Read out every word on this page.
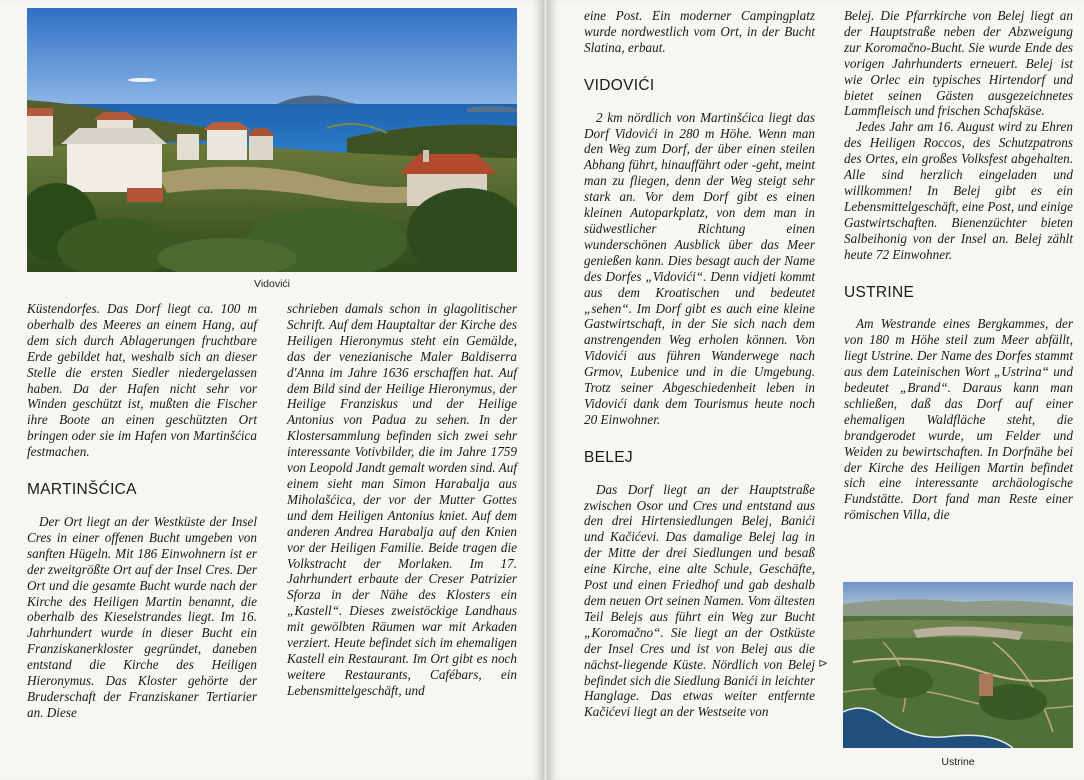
Vidovići

Küstendorfes. Das Dorf liegt ca. 100 m oberhalb des Meeres an einem Hang, auf dem sich durch Ablagerungen fruchtbare Erde gebildet hat, weshalb sich an dieser Stelle die ersten Siedler niedergelassen haben. Da der Hafen nicht sehr vor Winden geschützt ist, mußten die Fischer ihre Boote an einen geschützten Ort bringen oder sie im Hafen von Martinšćica festmachen.

MARTINŠĆICA

Der Ort liegt an der Westküste der Insel Cres in einer offenen Bucht umgeben von sanften Hügeln. Mit 186 Einwohnern ist er der zweitgrößte Ort auf der Insel Cres. Der Ort und die gesamte Bucht wurde nach der Kirche des Heiligen Martin benannt, die oberhalb des Kieselstrandes liegt. Im 16. Jahrhundert wurde in dieser Bucht ein Franziskanerkloster gegründet, daneben entstand die Kirche des Heiligen Hieronymus. Das Kloster gehörte der Bruderschaft der Franziskaner Tertiarier an. Diese

schrieben damals schon in glagolitischer Schrift. Auf dem Hauptaltar der Kirche des Heiligen Hieronymus steht ein Gemälde, das der venezianische Maler Baldiserra d'Anna im Jahre 1636 erschaffen hat. Auf dem Bild sind der Heilige Hieronymus, der Heilige Franziskus und der Heilige Antonius von Padua zu sehen. In der Klostersammlung befinden sich zwei sehr interessante Votivbilder, die im Jahre 1759 von Leopold Jandt gemalt worden sind. Auf einem sieht man Simon Harabalja aus Miholašćica, der vor der Mutter Gottes und dem Heiligen Antonius kniet. Auf dem anderen Andrea Harabalja auf den Knien vor der Heiligen Familie. Beide tragen die Volkstracht der Morlaken. Im 17. Jahrhundert erbaute der Creser Patrizier Sforza in der Nähe des Klosters ein „Kastell“. Dieses zweistöckige Landhaus mit gewölbten Räumen war mit Arkaden verziert. Heute befindet sich im ehemaligen Kastell ein Restaurant. Im Ort gibt es noch weitere Restaurants, Cafébars, ein Lebensmittelgeschäft, und

eine Post. Ein moderner Campingplatz wurde nordwestlich vom Ort, in der Bucht Slatina, erbaut.

VIDOVIĆI

2 km nördlich von Martinšćica liegt das Dorf Vidovići in 280 m Höhe. Wenn man den Weg zum Dorf, der über einen steilen Abhang führt, hinauffährt oder -geht, meint man zu fliegen, denn der Weg steigt sehr stark an. Vor dem Dorf gibt es einen kleinen Autoparkplatz, von dem man in südwestlicher Richtung einen wunderschönen Ausblick über das Meer genießen kann. Dies besagt auch der Name des Dorfes „Vidovići“. Denn vidjeti kommt aus dem Kroatischen und bedeutet „sehen“. Im Dorf gibt es auch eine kleine Gastwirtschaft, in der Sie sich nach dem anstrengenden Weg erholen können. Von Vidovići aus führen Wanderwege nach Grmov, Lubenice und in die Umgebung. Trotz seiner Abgeschiedenheit leben in Vidovići dank dem Tourismus heute noch 20 Einwohner.

BELEJ

Das Dorf liegt an der Hauptstraße zwischen Osor und Cres und entstand aus den drei Hirtensiedlungen Belej, Banići und Kačićevi. Das damalige Belej lag in der Mitte der drei Siedlungen und besaß eine Kirche, eine alte Schule, Geschäfte, Post und einen Friedhof und gab deshalb dem neuen Ort seinen Namen. Vom ältesten Teil Belejs aus führt ein Weg zur Bucht „Koromačno“. Sie liegt an der Ostküste der Insel Cres und ist von Belej aus die nächst-liegende Küste. Nördlich von Belej befindet sich die Siedlung Banići in leichter Hanglage. Das etwas weiter entfernte Kačićevi liegt an der Westseite von

⊳

Belej. Die Pfarrkirche von Belej liegt an der Hauptstraße neben der Abzweigung zur Koromačno-Bucht. Sie wurde Ende des vorigen Jahrhunderts erneuert. Belej ist wie Orlec ein typisches Hirtendorf und bietet seinen Gästen ausgezeichnetes Lammfleisch und frischen Schafskäse.

Jedes Jahr am 16. August wird zu Ehren des Heiligen Roccos, des Schutzpatrons des Ortes, ein großes Volksfest abgehalten. Alle sind herzlich eingeladen und willkommen! In Belej gibt es ein Lebensmittelgeschäft, eine Post, und einige Gastwirtschaften. Bienenzüchter bieten Salbeihonig von der Insel an. Belej zählt heute 72 Einwohner.

USTRINE

Am Westrande eines Bergkammes, der von 180 m Höhe steil zum Meer abfällt, liegt Ustrine. Der Name des Dorfes stammt aus dem Lateinischen Wort „Ustrina“ und bedeutet „Brand“. Daraus kann man schließen, daß das Dorf auf einer ehemaligen Waldfläche steht, die brandgerodet wurde, um Felder und Weiden zu bewirtschaften. In Dorfnähe bei der Kirche des Heiligen Martin befindet sich eine interessante archäologische Fundstätte. Dort fand man Reste einer römischen Villa, die

Ustrine
